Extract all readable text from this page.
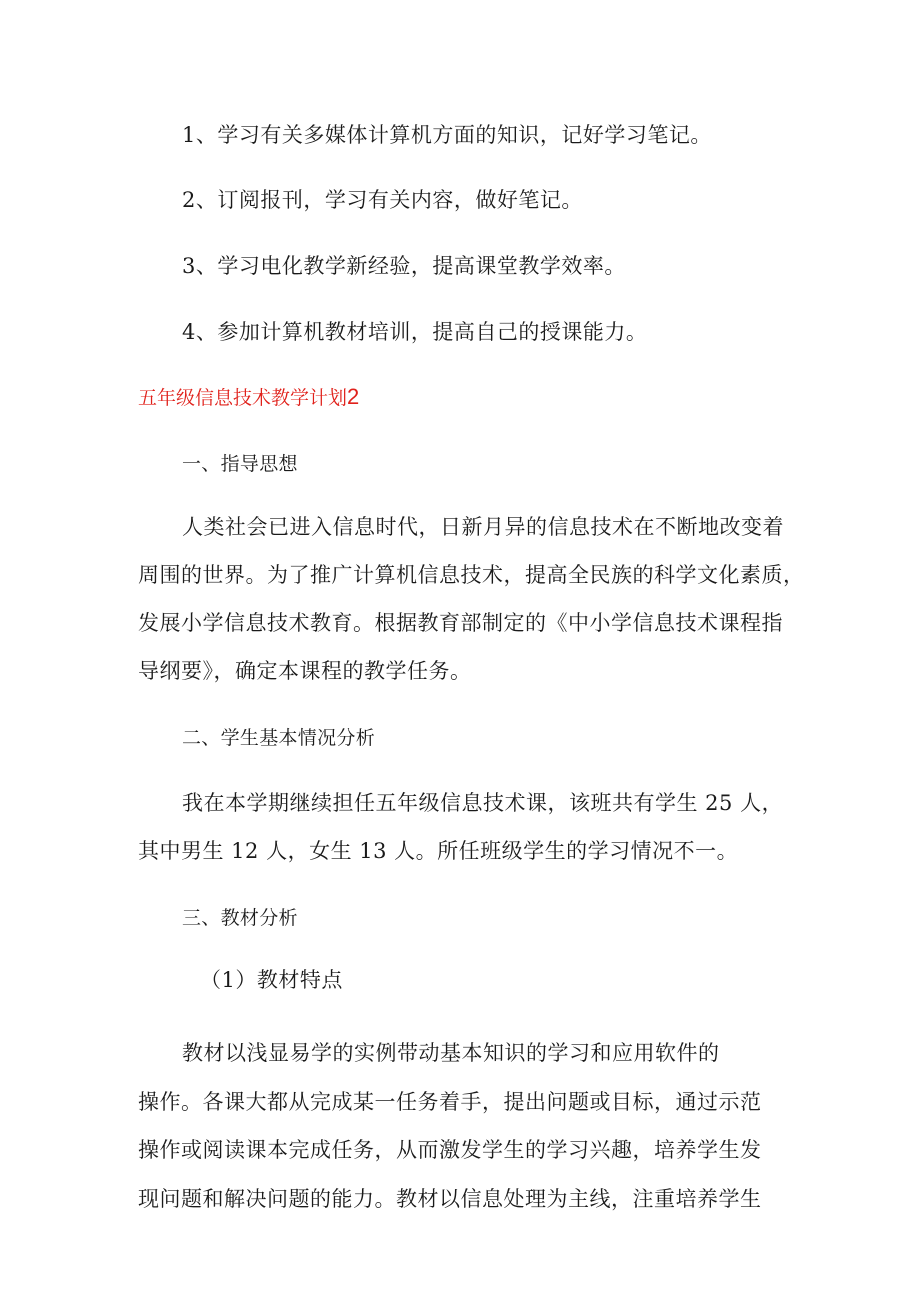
1、学习有关多媒体计算机方面的知识，记好学习笔记。
2、订阅报刊，学习有关内容，做好笔记。
3、学习电化教学新经验，提高课堂教学效率。
4、参加计算机教材培训，提高自己的授课能力。
五年级信息技术教学计划2
一、指导思想
人类社会已进入信息时代，日新月异的信息技术在不断地改变着
周围的世界。为了推广计算机信息技术，提高全民族的科学文化素质，
发展小学信息技术教育。根据教育部制定的《中小学信息技术课程指
导纲要》，确定本课程的教学任务。
二、学生基本情况分析
我在本学期继续担任五年级信息技术课，该班共有学生 25 人，
其中男生 12 人，女生 13 人。所任班级学生的学习情况不一。
三、教材分析
（1）教材特点
教材以浅显易学的实例带动基本知识的学习和应用软件的
操作。各课大都从完成某一任务着手，提出问题或目标，通过示范
操作或阅读课本完成任务，从而激发学生的学习兴趣，培养学生发
现问题和解决问题的能力。教材以信息处理为主线，注重培养学生
